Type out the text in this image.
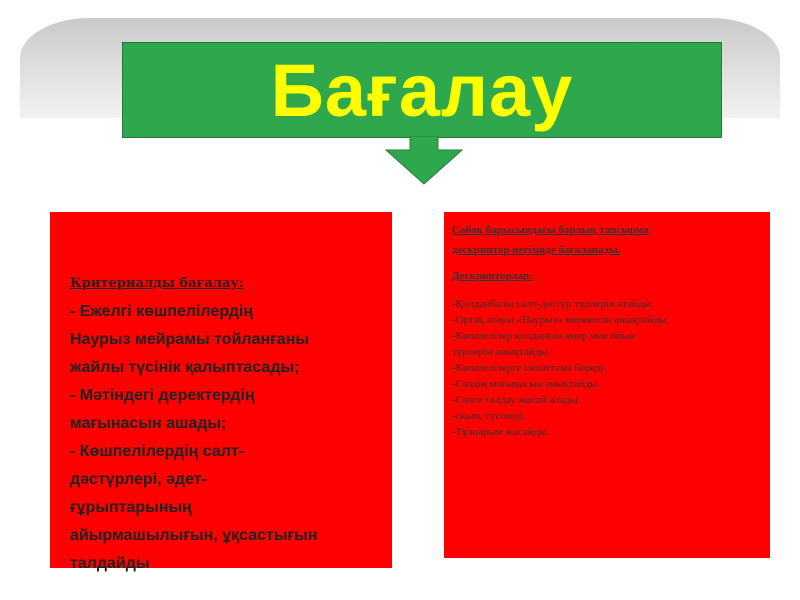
Бағалау

Критериалды бағалау:

- Ежелгі көшпелілердің

Наурыз мейрамы тойланғаны

жайлы түсінік қалыптасады;

- Мәтіндегі деректердің

мағынасын ашады;

- Көшпелілердің салт-

дәстүрлері, әдет-

ғұрыптарының

айырмашылығын, ұқсастығын

талдайды

Сабақ барысындағы барлық тапсырма
дескриптор негізінде бағаланады.

Дескрипторлар:

-Қолданбалы салт-дәстүр түрлерін атайды.

-Ортақ атауы «Наурыз» мерекесін анықтайды.

-Көшпелілер қолданған өнер мен ойын

түрлерін анықтайды.

-Көшпелілерге сипаттама береді.

-Сөздің мағынасын анықтайды.

-Сөзге талдау жасай алады.

-оқып, түсінеді.

-Тұжырым жасайды.
